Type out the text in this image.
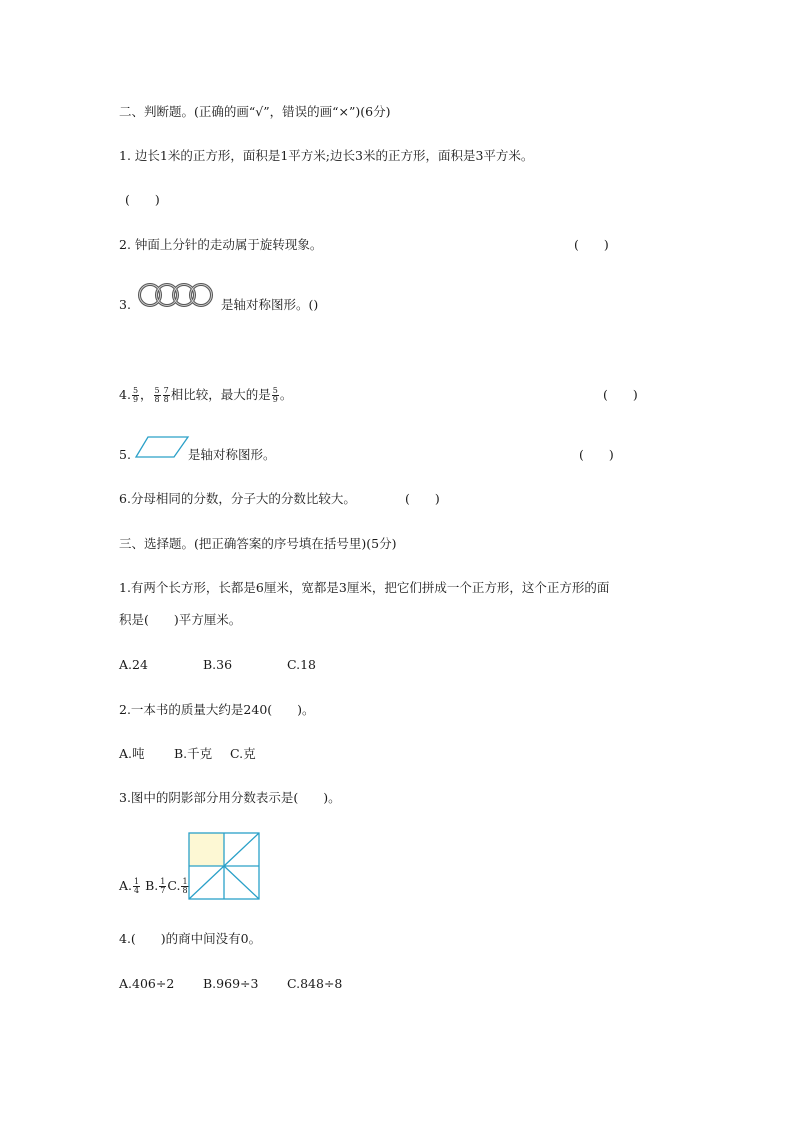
二、判断题。(正确的画“√”，错误的画“×”)(6分)
1. 边长1米的正方形，面积是1平方米;边长3米的正方形，面积是3平方米。
(　　)
2. 钟面上分针的走动属于旋转现象。	(　　)
3.	是轴对称图形。()
4. $\frac{5}{9}$ ， $\frac{5}{8} \frac{7}{8}$ 相比较，最大的是 $\frac{5}{9}$ 。	(　　)
5.	是轴对称图形。	(　　)
6.分母相同的分数，分子大的分数比较大。	(　　)
三、选择题。(把正确答案的序号填在括号里)(5分)
1.有两个长方形，长都是6厘米，宽都是3厘米，把它们拼成一个正方形，这个正方形的面
积是(　　)平方厘米。
A.24	B.36	C.18
2.一本书的质量大约是240(　　)。
A.吨 B.千克 C.克
3.图中的阴影部分用分数表示是(　　)。
A. $\frac{1}{4} B$. $\frac{1}{7} C$. $\frac{1}{8}$
4.(　　)的商中间没有0。
A.406÷2 B.969÷3 C.848÷8
